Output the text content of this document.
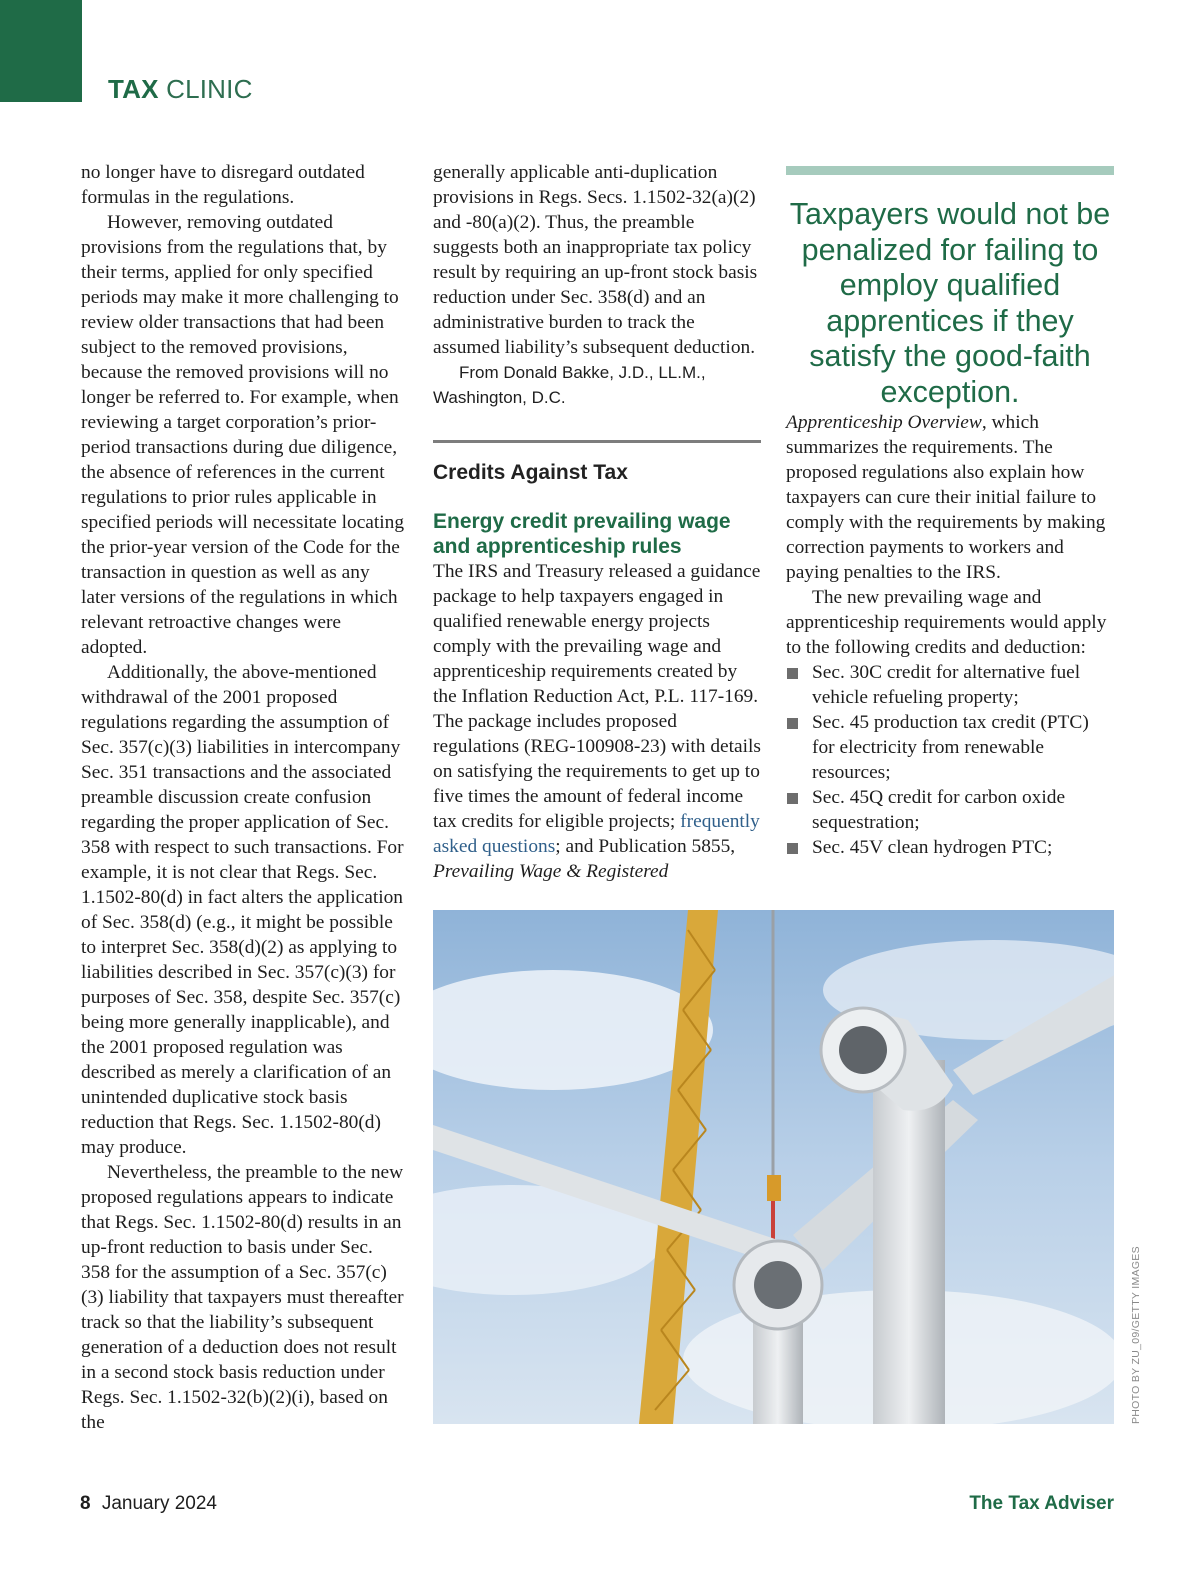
TAX CLINIC

no longer have to disregard outdated formulas in the regulations.

However, removing outdated provisions from the regulations that, by their terms, applied for only specified periods may make it more challenging to review older transactions that had been subject to the removed provisions, because the removed provisions will no longer be referred to. For example, when reviewing a target corporation’s prior-period transactions during due diligence, the absence of references in the current regulations to prior rules applicable in specified periods will necessitate locating the prior-year version of the Code for the transaction in question as well as any later versions of the regulations in which relevant retroactive changes were adopted.

Additionally, the above-mentioned withdrawal of the 2001 proposed regulations regarding the assumption of Sec. 357(c)(3) liabilities in intercompany Sec. 351 transactions and the associated preamble discussion create confusion regarding the proper application of Sec. 358 with respect to such transactions. For example, it is not clear that Regs. Sec. 1.1502-80(d) in fact alters the application of Sec. 358(d) (e.g., it might be possible to interpret Sec. 358(d)(2) as applying to liabilities described in Sec. 357(c)(3) for purposes of Sec. 358, despite Sec. 357(c) being more generally inapplicable), and the 2001 proposed regulation was described as merely a clarification of an unintended duplicative stock basis reduction that Regs. Sec. 1.1502-80(d) may produce.

Nevertheless, the preamble to the new proposed regulations appears to indicate that Regs. Sec. 1.1502-80(d) results in an up-front reduction to basis under Sec. 358 for the assumption of a Sec. 357(c)(3) liability that taxpayers must thereafter track so that the liability’s subsequent generation of a deduction does not result in a second stock basis reduction under Regs. Sec. 1.1502-32(b)(2)(i), based on the

generally applicable anti-duplication provisions in Regs. Secs. 1.1502-32(a)(2) and -80(a)(2). Thus, the preamble suggests both an inappropriate tax policy result by requiring an up-front stock basis reduction under Sec. 358(d) and an administrative burden to track the assumed liability’s subsequent deduction.

From Donald Bakke, J.D., LL.M.,

Washington, D.C.

Credits Against Tax
Energy credit prevailing wage and apprenticeship rules

The IRS and Treasury released a guidance package to help taxpayers engaged in qualified renewable energy projects comply with the prevailing wage and apprenticeship requirements created by the Inflation Reduction Act, P.L. 117-169. The package includes proposed regulations (REG-100908-23) with details on satisfying the requirements to get up to five times the amount of federal income tax credits for eligible projects; frequently asked questions; and Publication 5855, Prevailing Wage & Registered

Taxpayers would not be penalized for failing to employ qualified apprentices if they satisfy the good-faith exception.

Apprenticeship Overview, which summarizes the requirements. The proposed regulations also explain how taxpayers can cure their initial failure to comply with the requirements by making correction payments to workers and paying penalties to the IRS.

The new prevailing wage and apprenticeship requirements would apply to the following credits and deduction:

Sec. 30C credit for alternative fuel vehicle refueling property;
Sec. 45 production tax credit (PTC) for electricity from renewable resources;
Sec. 45Q credit for carbon oxide sequestration;
Sec. 45V clean hydrogen PTC;
PHOTO BY ZU_09/GETTY IMAGES
8 January 2024	The Tax Adviser
